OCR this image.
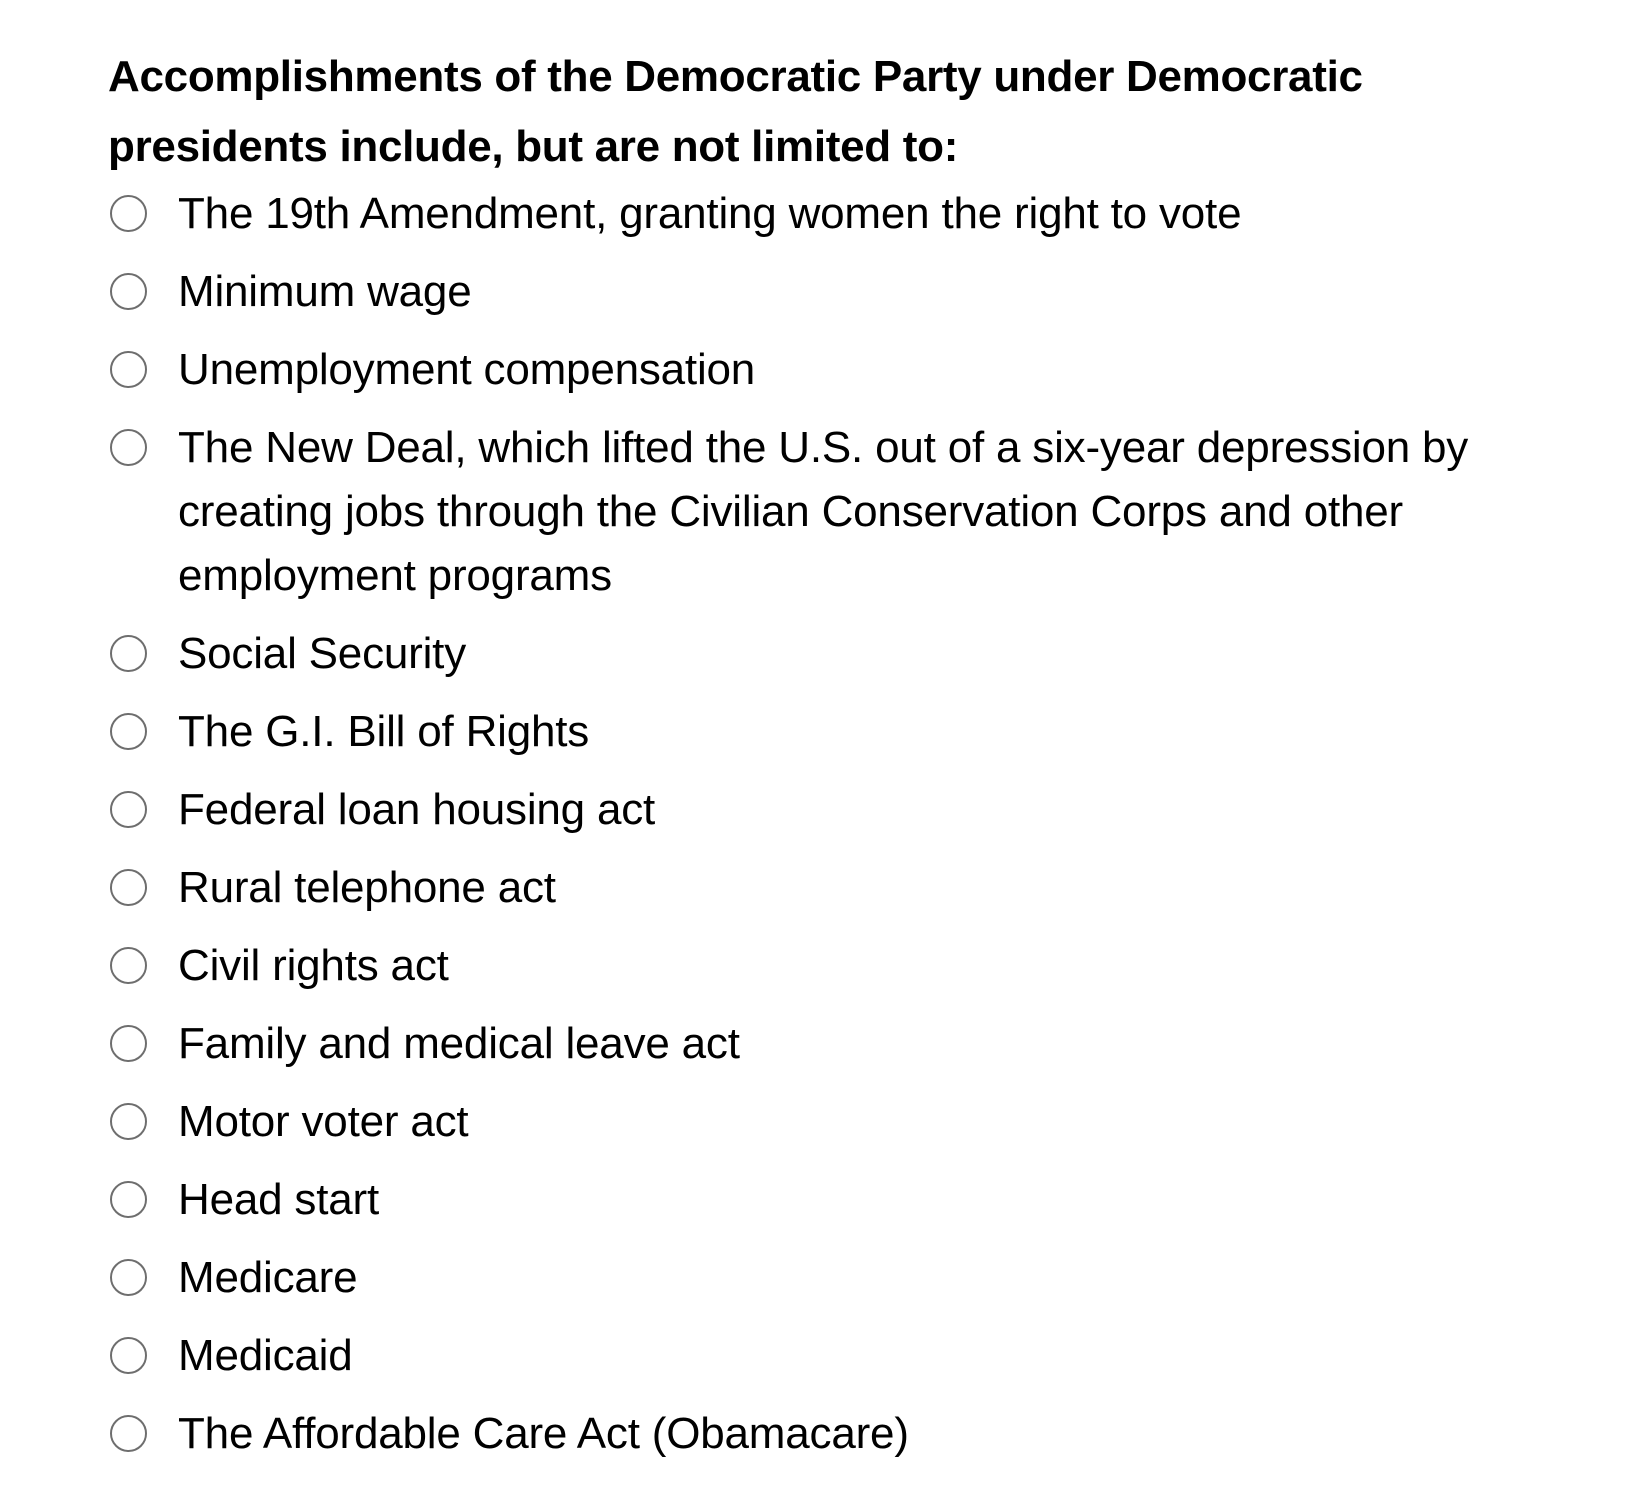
Accomplishments of the Democratic Party under Democratic presidents include, but are not limited to:

The 19th Amendment, granting women the right to vote
Minimum wage
Unemployment compensation
The New Deal, which lifted the U.S. out of a six-year depression by creating jobs through the Civilian Conservation Corps and other employment programs
Social Security
The G.I. Bill of Rights
Federal loan housing act
Rural telephone act
Civil rights act
Family and medical leave act
Motor voter act
Head start
Medicare
Medicaid
The Affordable Care Act (Obamacare)
